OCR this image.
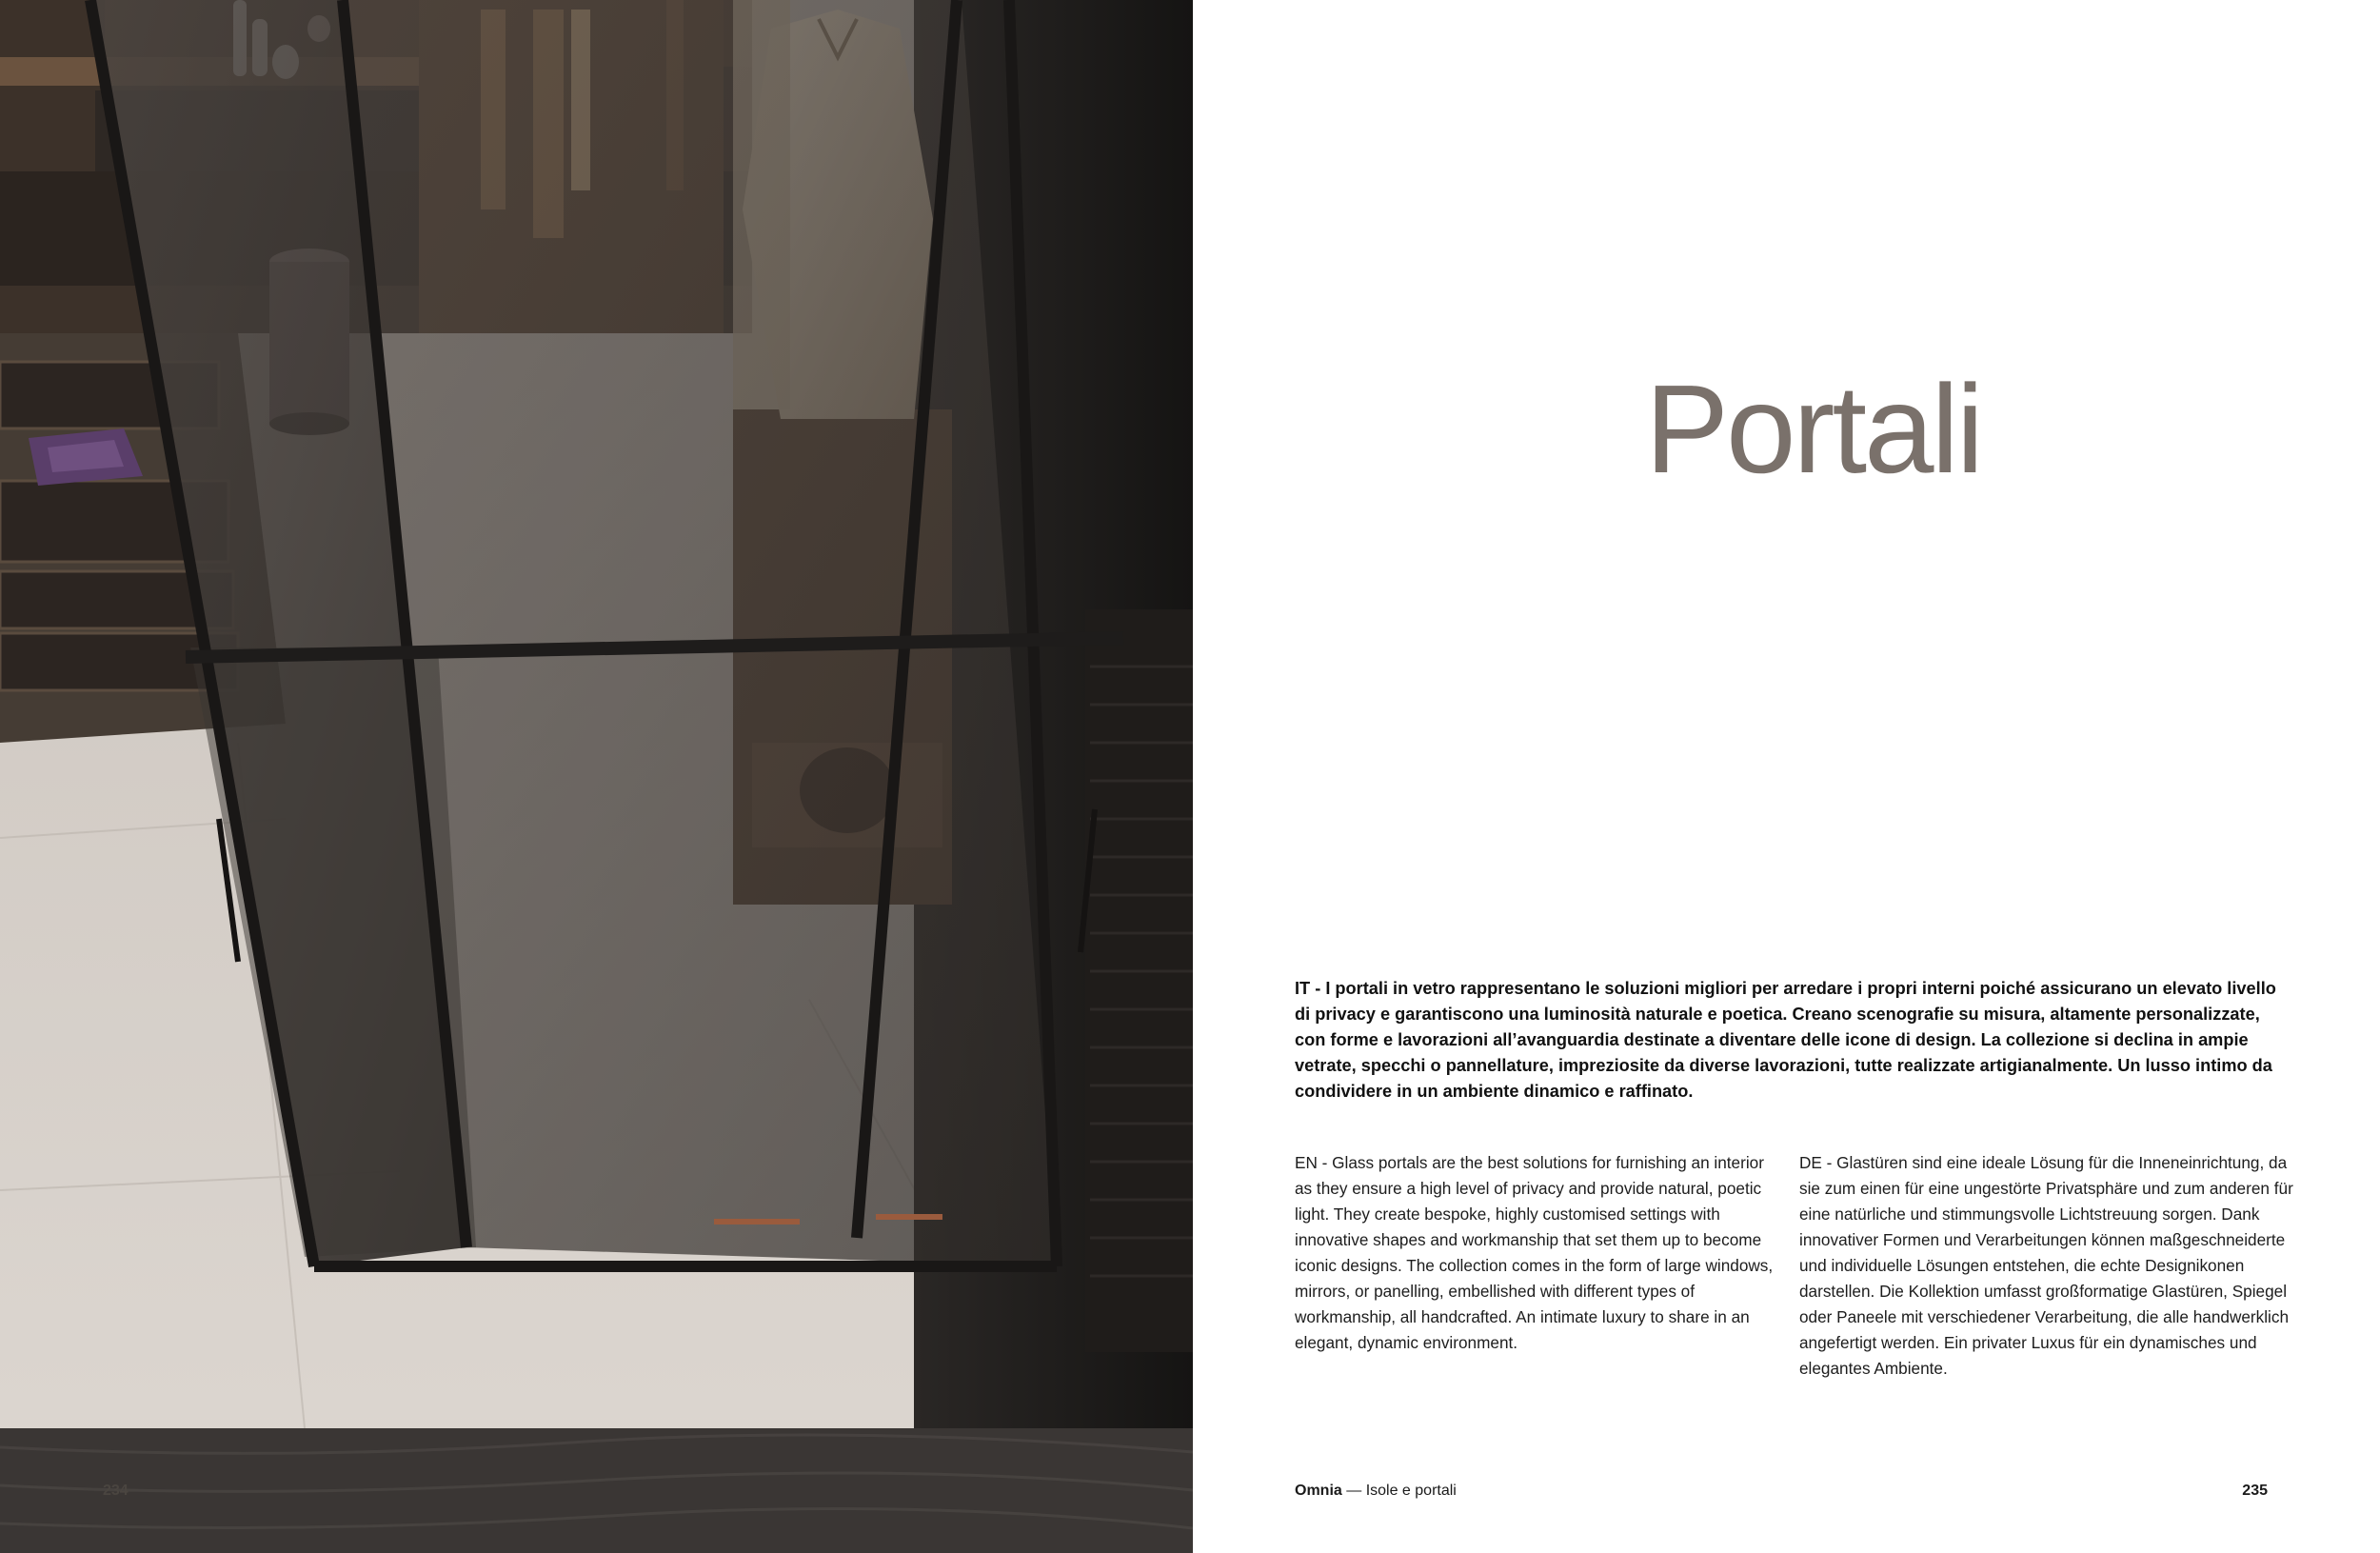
234
Portali

IT - I portali in vetro rappresentano le soluzioni migliori per arredare i propri interni poiché assicurano un elevato livello di privacy e garantiscono una luminosità naturale e poetica. Creano scenografie su misura, altamente personalizzate, con forme e lavorazioni all’avanguardia destinate a diventare delle icone di design. La collezione si declina in ampie vetrate, specchi o pannellature, impreziosite da diverse lavorazioni, tutte realizzate artigianalmente. Un lusso intimo da condividere in un ambiente dinamico e raffinato.

EN - Glass portals are the best solutions for furnishing an interior as they ensure a high level of privacy and provide natural, poetic light. They create bespoke, highly customised settings with innovative shapes and workmanship that set them up to become iconic designs. The collection comes in the form of large windows, mirrors, or panelling, embellished with different types of workmanship, all handcrafted. An intimate luxury to share in an elegant, dynamic environment.

DE - Glastüren sind eine ideale Lösung für die Inneneinrichtung, da sie zum einen für eine ungestörte Privatsphäre und zum anderen für eine natürliche und stimmungsvolle Lichtstreuung sorgen. Dank innovativer Formen und Verarbeitungen können maßgeschneiderte und individuelle Lösungen entstehen, die echte Designikonen darstellen. Die Kollektion umfasst großformatige Glastüren, Spiegel oder Paneele mit verschiedener Verarbeitung, die alle handwerklich angefertigt werden. Ein privater Luxus für ein dynamisches und elegantes Ambiente.

Omnia — Isole e portali	235
